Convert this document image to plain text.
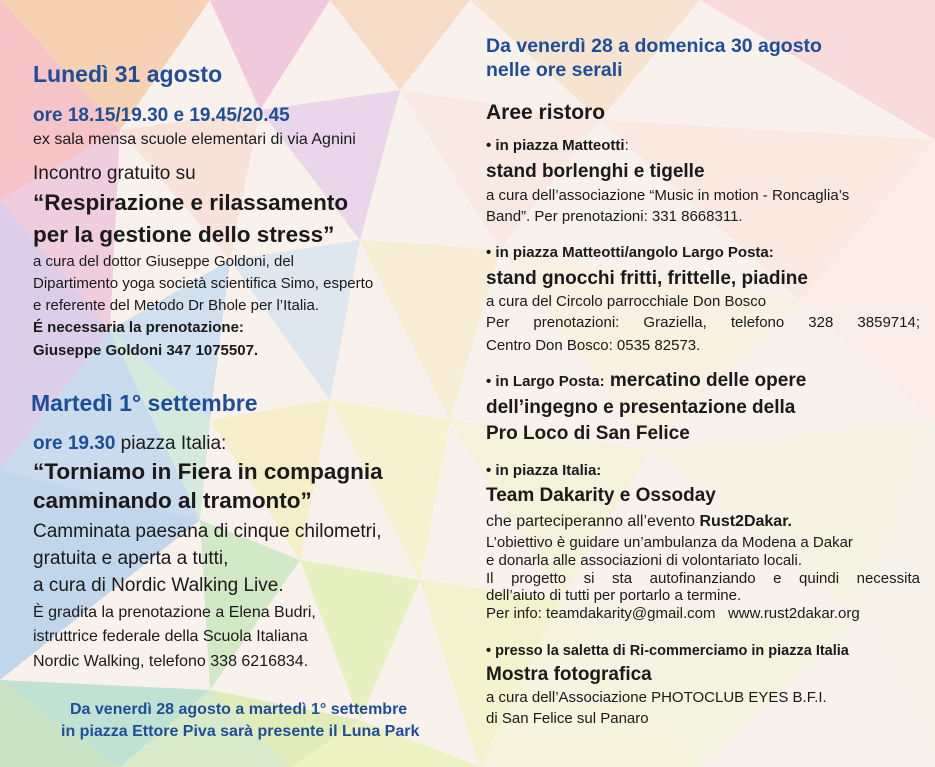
Lunedì 31 agosto
ore 18.15/19.30 e 19.45/20.45
ex sala mensa scuole elementari di via Agnini
Incontro gratuito su
“Respirazione e rilassamento
per la gestione dello stress”
a cura del dottor Giuseppe Goldoni, del
Dipartimento yoga società scientifica Simo, esperto
e referente del Metodo Dr Bhole per l’Italia.
É necessaria la prenotazione:
Giuseppe Goldoni 347 1075507.
Martedì 1° settembre
ore 19.30 piazza Italia:
“Torniamo in Fiera in compagnia
camminando al tramonto”
Camminata paesana di cinque chilometri,
gratuita e aperta a tutti,
a cura di Nordic Walking Live.
È gradita la prenotazione a Elena Budri,
istruttrice federale della Scuola Italiana
Nordic Walking, telefono 338 6216834.
Da venerdì 28 agosto a martedì 1° settembre
in piazza Ettore Piva sarà presente il Luna Park
Da venerdì 28 a domenica 30 agosto
nelle ore serali
Aree ristoro
• in piazza Matteotti:
stand borlenghi e tigelle
a cura dell’associazione “Music in motion - Roncaglia’s
Band”. Per prenotazioni: 331 8668311.
• in piazza Matteotti/angolo Largo Posta:
stand gnocchi fritti, frittelle, piadine
a cura del Circolo parrocchiale Don Bosco
Per prenotazioni: Graziella, telefono 328 3859714;
Centro Don Bosco: 0535 82573.
• in Largo Posta: mercatino delle opere
dell’ingegno e presentazione della
Pro Loco di San Felice
• in piazza Italia:
Team Dakarity e Ossoday
che parteciperanno all’evento Rust2Dakar.
L’obiettivo è guidare un’ambulanza da Modena a Dakar
e donarla alle associazioni di volontariato locali.
Il progetto si sta autofinanziando e quindi necessita
dell’aiuto di tutti per portarlo a termine.
Per info: teamdakarity@gmail.com   www.rust2dakar.org
• presso la saletta di Ri-commerciamo in piazza Italia
Mostra fotografica
a cura dell’Associazione PHOTOCLUB EYES B.F.I.
di San Felice sul Panaro
